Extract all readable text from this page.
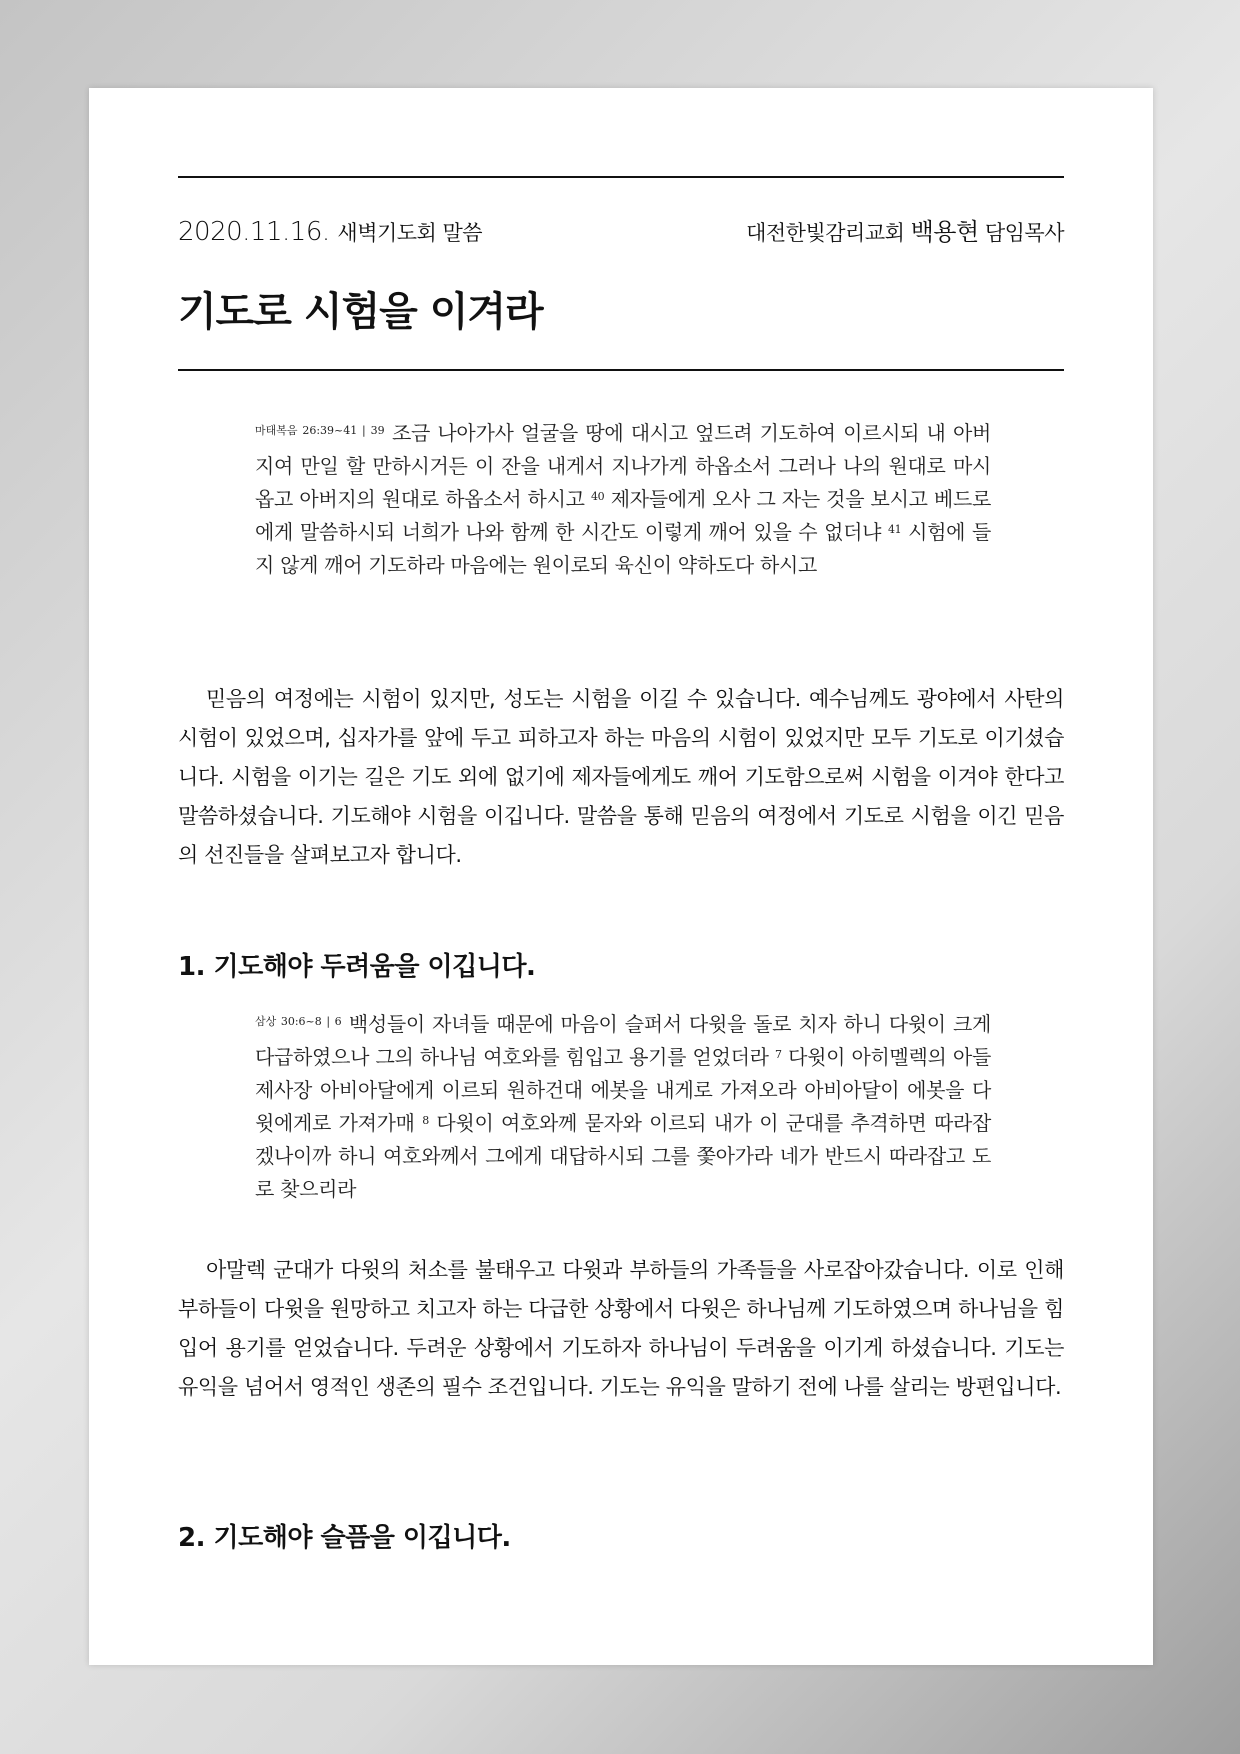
2020.11.16. 새벽기도회 말씀	대전한빛감리교회 백용현 담임목사
기도로 시험을 이겨라
$^{마태복음 26:39\sim 41 | 39}$ 조금 나아가사 얼굴을 땅에 대시고 엎드려 기도하여 이르시되 내 아버지여 만일 할 만하시거든 이 잔을 내게서 지나가게 하옵소서 그러나 나의 원대로 마시옵고 아버지의 원대로 하옵소서 하시고 $^{40}$ 제자들에게 오사 그 자는 것을 보시고 베드로에게 말씀하시되 너희가 나와 함께 한 시간도 이렇게 깨어 있을 수 없더냐 $^{41}$ 시험에 들지 않게 깨어 기도하라 마음에는 원이로되 육신이 약하도다 하시고

믿음의 여정에는 시험이 있지만, 성도는 시험을 이길 수 있습니다. 예수님께도 광야에서 사탄의 시험이 있었으며, 십자가를 앞에 두고 피하고자 하는 마음의 시험이 있었지만 모두 기도로 이기셨습니다. 시험을 이기는 길은 기도 외에 없기에 제자들에게도 깨어 기도함으로써 시험을 이겨야 한다고 말씀하셨습니다. 기도해야 시험을 이깁니다. 말씀을 통해 믿음의 여정에서 기도로 시험을 이긴 믿음의 선진들을 살펴보고자 합니다.

1. 기도해야 두려움을 이깁니다.
$^{삼상 30:6\sim 8 | 6}$ 백성들이 자녀들 때문에 마음이 슬퍼서 다윗을 돌로 치자 하니 다윗이 크게 다급하였으나 그의 하나님 여호와를 힘입고 용기를 얻었더라 $^7$ 다윗이 아히멜렉의 아들 제사장 아비아달에게 이르되 원하건대 에봇을 내게로 가져오라 아비아달이 에봇을 다윗에게로 가져가매 $^8$ 다윗이 여호와께 묻자와 이르되 내가 이 군대를 추격하면 따라잡겠나이까 하니 여호와께서 그에게 대답하시되 그를 쫓아가라 네가 반드시 따라잡고 도로 찾으리라

아말렉 군대가 다윗의 처소를 불태우고 다윗과 부하들의 가족들을 사로잡아갔습니다. 이로 인해 부하들이 다윗을 원망하고 치고자 하는 다급한 상황에서 다윗은 하나님께 기도하였으며 하나님을 힘입어 용기를 얻었습니다. 두려운 상황에서 기도하자 하나님이 두려움을 이기게 하셨습니다. 기도는 유익을 넘어서 영적인 생존의 필수 조건입니다. 기도는 유익을 말하기 전에 나를 살리는 방편입니다.

2. 기도해야 슬픔을 이깁니다.
